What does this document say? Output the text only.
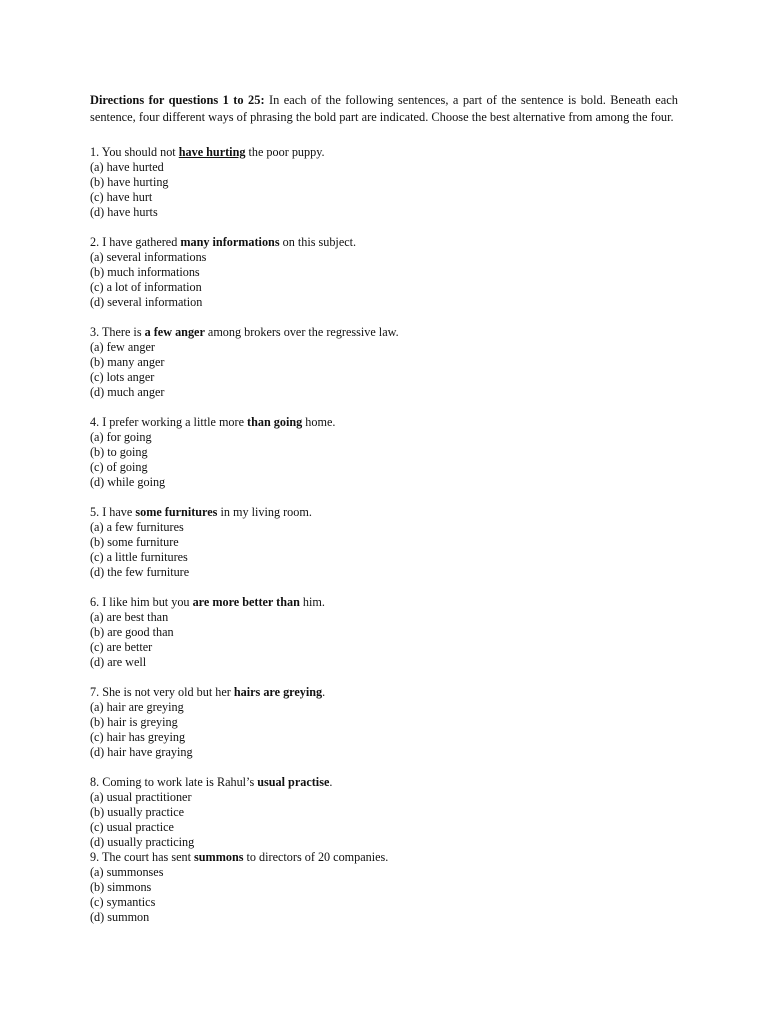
Directions for questions 1 to 25: In each of the following sentences, a part of the sentence is bold. Beneath each sentence, four different ways of phrasing the bold part are indicated. Choose the best alternative from among the four.

1. You should not have hurting the poor puppy.
(a) have hurted
(b) have hurting
(c) have hurt
(d) have hurts
2. I have gathered many informations on this subject.
(a) several informations
(b) much informations
(c) a lot of information
(d) several information
3. There is a few anger among brokers over the regressive law.
(a) few anger
(b) many anger
(c) lots anger
(d) much anger
4. I prefer working a little more than going home.
(a) for going
(b) to going
(c) of going
(d) while going
5. I have some furnitures in my living room.
(a) a few furnitures
(b) some furniture
(c) a little furnitures
(d) the few furniture
6. I like him but you are more better than him.
(a) are best than
(b) are good than
(c) are better
(d) are well
7. She is not very old but her hairs are greying.
(a) hair are greying
(b) hair is greying
(c) hair has greying
(d) hair have graying
8. Coming to work late is Rahul’s usual practise.
(a) usual practitioner
(b) usually practice
(c) usual practice
(d) usually practicing
9. The court has sent summons to directors of 20 companies.
(a) summonses
(b) simmons
(c) symantics
(d) summon
